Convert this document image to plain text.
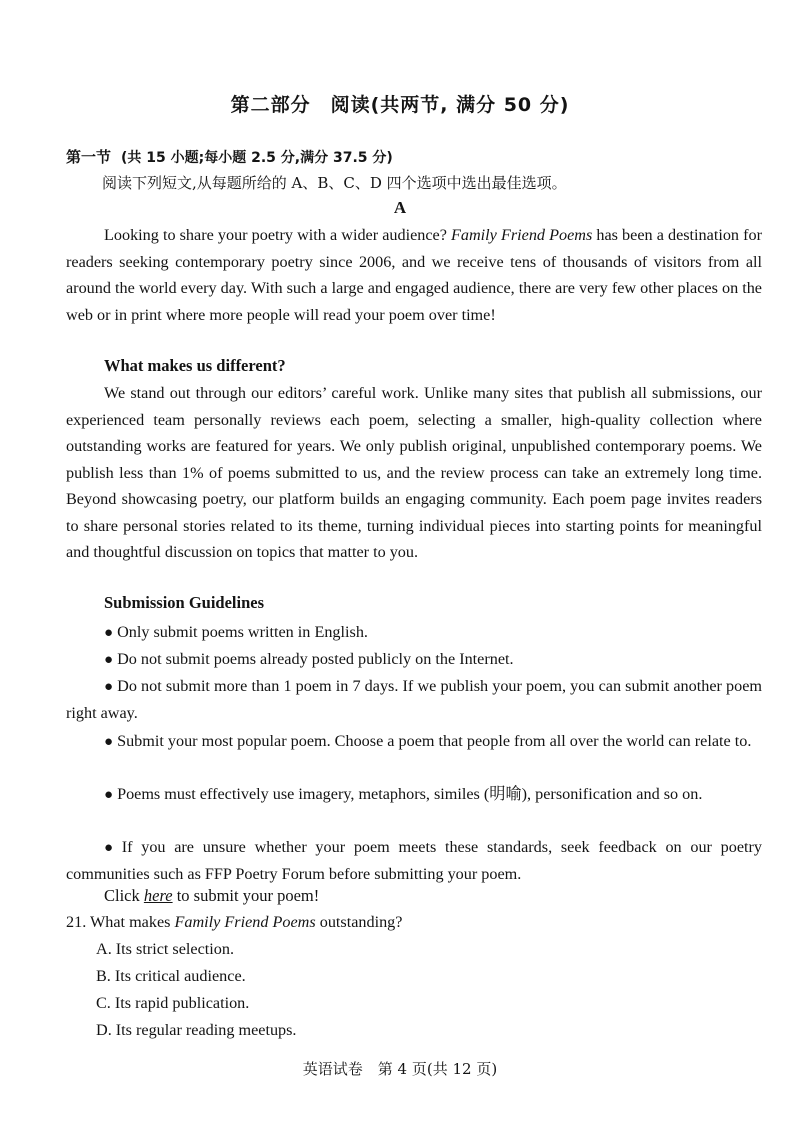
第二部分　阅读(共两节, 满分 50 分)
第一节 (共 15 小题;每小题 2.5 分,满分 37.5 分)
阅读下列短文,从每题所给的 A、B、C、D 四个选项中选出最佳选项。
A
Looking to share your poetry with a wider audience? Family Friend Poems has been a destination for readers seeking contemporary poetry since 2006, and we receive tens of thousands of visitors from all around the world every day. With such a large and engaged audience, there are very few other places on the web or in print where more people will read your poem over time!
What makes us different?
We stand out through our editors’ careful work. Unlike many sites that publish all submissions, our experienced team personally reviews each poem, selecting a smaller, high-quality collection where outstanding works are featured for years. We only publish original, unpublished contemporary poems. We publish less than 1% of poems submitted to us, and the review process can take an extremely long time. Beyond showcasing poetry, our platform builds an engaging community. Each poem page invites readers to share personal stories related to its theme, turning individual pieces into starting points for meaningful and thoughtful discussion on topics that matter to you.
Submission Guidelines
● Only submit poems written in English.
● Do not submit poems already posted publicly on the Internet.
● Do not submit more than 1 poem in 7 days. If we publish your poem, you can submit another poem right away.
● Submit your most popular poem. Choose a poem that people from all over the world can relate to.
● Poems must effectively use imagery, metaphors, similes (明喻), personification and so on.
● If you are unsure whether your poem meets these standards, seek feedback on our poetry communities such as FFP Poetry Forum before submitting your poem.
Click here to submit your poem!
21. What makes Family Friend Poems outstanding?
A. Its strict selection.
B. Its critical audience.
C. Its rapid publication.
D. Its regular reading meetups.
英语试卷　第 4 页(共 12 页)
